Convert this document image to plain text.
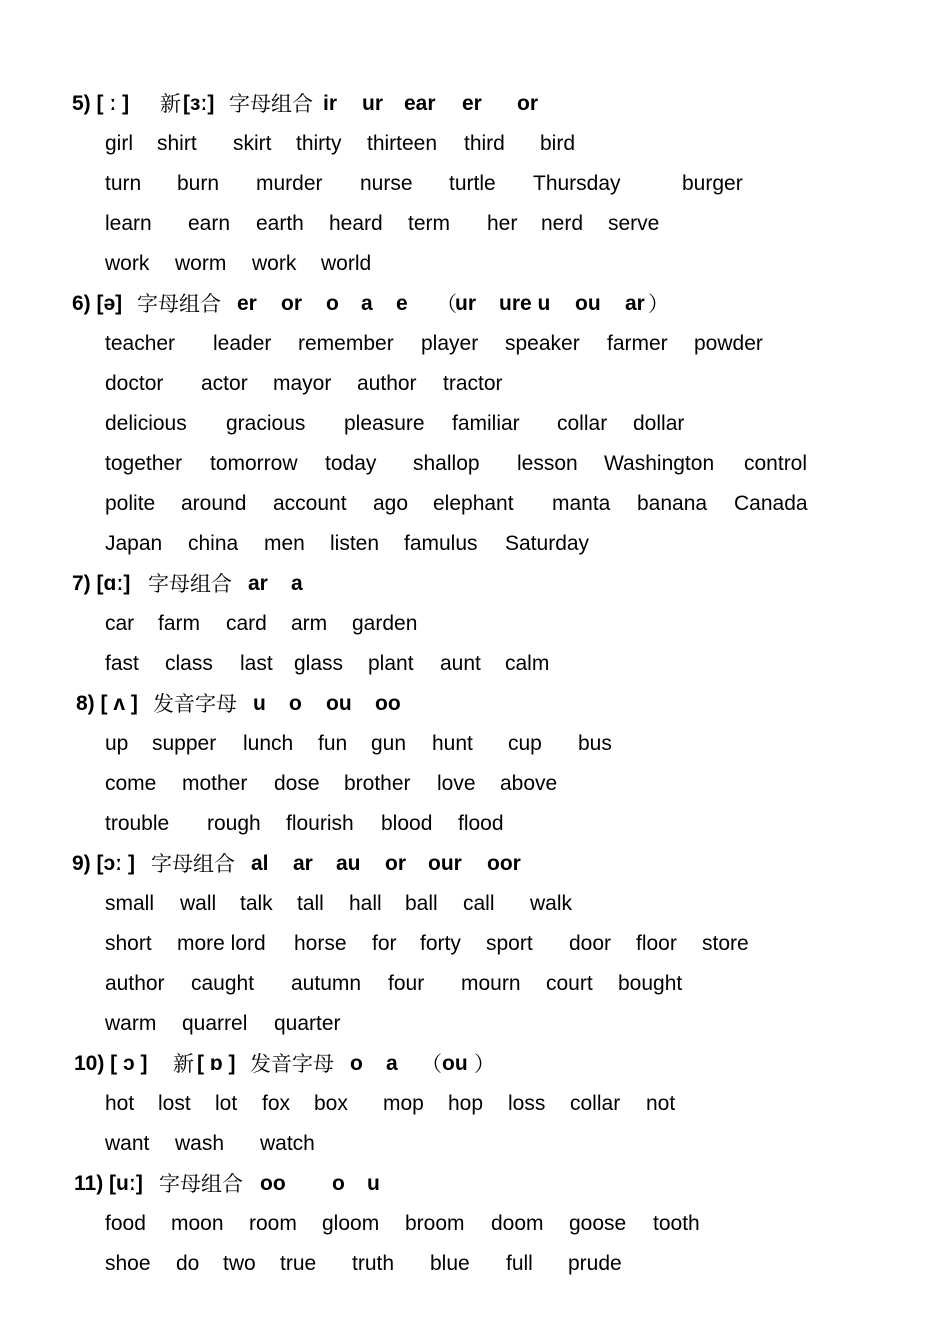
5) [ ː ] 新 [ɜː] 字母组合 ir ur ear er or
girl shirt skirt thirty thirteen third bird
turn burn murder nurse turtle Thursday	burger
learn earn earth heard term her nerd serve
work worm work world
6) [ə] 字母组合 er or o a e （
ur ure u ou ar ）
teacher leader remember player speaker farmer powder
doctor actor mayor author tractor
delicious gracious pleasure familiar collar dollar
together tomorrow today shallop lesson Washington control
polite around account ago elephant manta banana Canada
Japan china men listen famulus Saturday
7) [ɑː] 字母组合 ar a
car farm card arm garden
fast class last glass plant aunt calm
8) [ ʌ ] 发音字母 u o ou oo
up supper lunch fun gun hunt cup bus
come mother dose brother love above
trouble rough flourish blood flood
9) [ɔː ] 字母组合 al ar au or our oor
small wall talk tall hall ball call walk
short more lord horse for forty sport door floor store
author caught autumn four mourn court bought
warm quarrel quarter
10) [ ɔ ] 新 [ ɒ ] 发音字母 o a （ ou ）
hot lost lot fox box mop hop loss collar not
want wash watch
11) [uː] 字母组合 oo o u
food moon room gloom broom doom goose tooth
shoe do two true truth blue full prude
